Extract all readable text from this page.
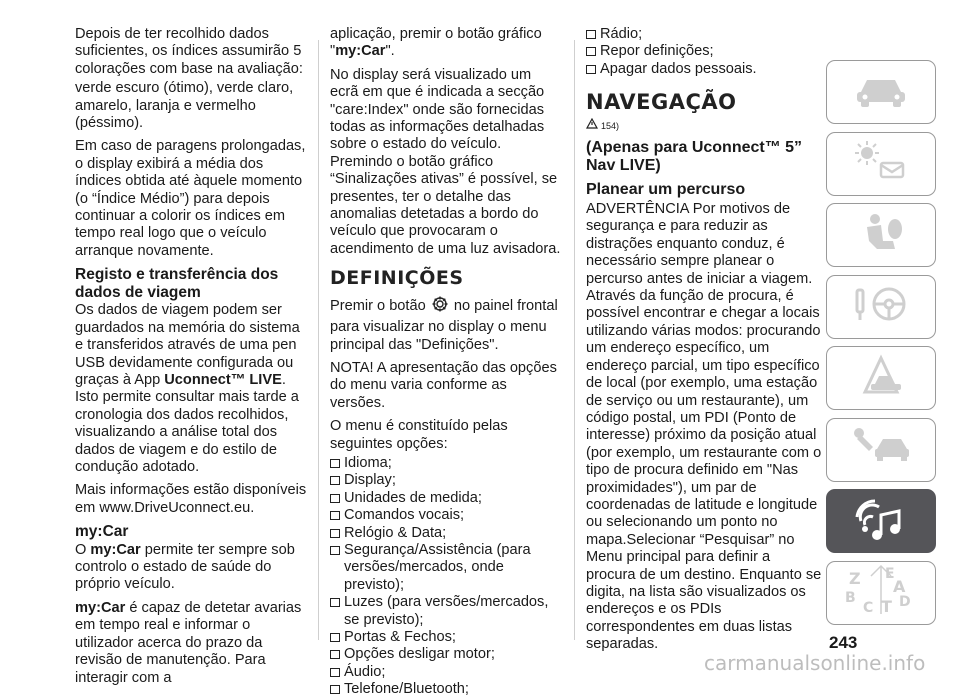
Depois de ter recolhido dados suficientes, os índices assumirão 5 colorações com base na avaliação:

verde escuro (ótimo), verde claro, amarelo, laranja e vermelho (péssimo).

Em caso de paragens prolongadas, o display exibirá a média dos índices obtida até àquele momento (o “Índice Médio”) para depois continuar a colorir os índices em tempo real logo que o veículo arranque novamente.

Registo e transferência dos dados de viagem

Os dados de viagem podem ser guardados na memória do sistema e transferidos através de uma pen USB devidamente configurada ou graças à App Uconnect™ LIVE. Isto permite consultar mais tarde a cronologia dos dados recolhidos, visualizando a análise total dos dados de viagem e do estilo de condução adotado.

Mais informações estão disponíveis em www.DriveUconnect.eu.

my:Car

O my:Car permite ter sempre sob controlo o estado de saúde do próprio veículo.

my:Car é capaz de detetar avarias em tempo real e informar o utilizador acerca do prazo da revisão de manutenção. Para interagir com a

aplicação, premir o botão gráfico "my:Car".

No display será visualizado um ecrã em que é indicada a secção "care:Index" onde são fornecidas todas as informações detalhadas sobre o estado do veículo. Premindo o botão gráfico “Sinalizações ativas” é possível, se presentes, ter o detalhe das anomalias detetadas a bordo do veículo que provocaram o acendimento de uma luz avisadora.

DEFINIÇÕES

Premir o botão  no painel frontal para visualizar no display o menu principal das "Definições".

NOTA! A apresentação das opções do menu varia conforme as versões.

O menu é constituído pelas seguintes opções:

Idioma;
Display;
Unidades de medida;
Comandos vocais;
Relógio & Data;
Segurança/Assistência (para versões/mercados, onde previsto);
Luzes (para versões/mercados, se previsto);
Portas & Fechos;
Opções desligar motor;
Áudio;
Telefone/Bluetooth;
Rádio;
Repor definições;
Apagar dados pessoais.
NAVEGAÇÃO
154)
(Apenas para Uconnect™ 5” Nav LIVE)
Planear um percurso

ADVERTÊNCIA Por motivos de segurança e para reduzir as distrações enquanto conduz, é necessário sempre planear o percurso antes de iniciar a viagem. Através da função de procura, é possível encontrar e chegar a locais utilizando várias modos: procurando um endereço específico, um endereço parcial, um tipo específico de local (por exemplo, uma estação de serviço ou um restaurante), um código postal, um PDI (Ponto de interesse) próximo da posição atual (por exemplo, um restaurante com o tipo de procura definido em "Nas proximidades"), um par de coordenadas de latitude e longitude ou selecionando um ponto no mapa.Selecionar “Pesquisar” no Menu principal para definir a procura de um destino. Enquanto se digita, na lista são visualizados os endereços e os PDIs correspondentes em duas listas separadas.

Z E
B
C T D
A
243
carmanualsonline.info
